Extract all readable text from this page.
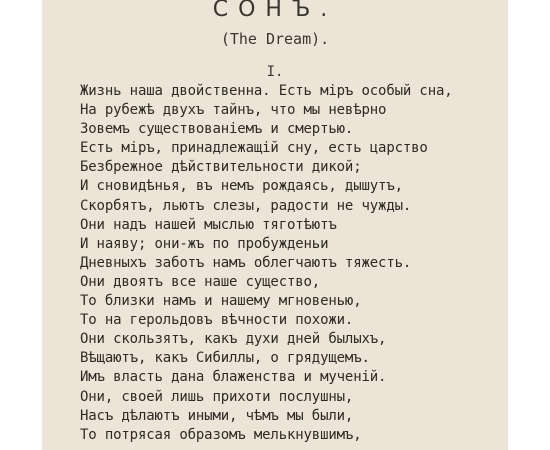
СОНЪ.
(The Dream).
I.
Жизнь наша двойственна. Есть міръ особый сна,
На рубежѣ двухъ тайнъ, что мы невѣрно
Зовемъ существованіемъ и смертью.
Есть міръ, принадлежащій сну, есть царство
Безбрежное дѣйствительности дикой;
И сновидѣнья, въ немъ рождаясь, дышутъ,
Скорбятъ, льютъ слезы, радости не чужды.
Они надъ нашей мыслью тяготѣютъ
И наяву; они-жъ по пробужденьи
Дневныхъ заботъ намъ облегчаютъ тяжесть.
Они двоятъ все наше существо,
То близки намъ и нашему мгновенью,
То на герольдовъ вѣчности похожи.
Они скользятъ, какъ духи дней былыхъ,
Вѣщаютъ, какъ Сибиллы, о грядущемъ.
Имъ власть дана блаженства и мученій.
Они, своей лишь прихоти послушны,
Насъ дѣлаютъ иными, чѣмъ мы были,
То потрясая образомъ мелькнувшимъ,
